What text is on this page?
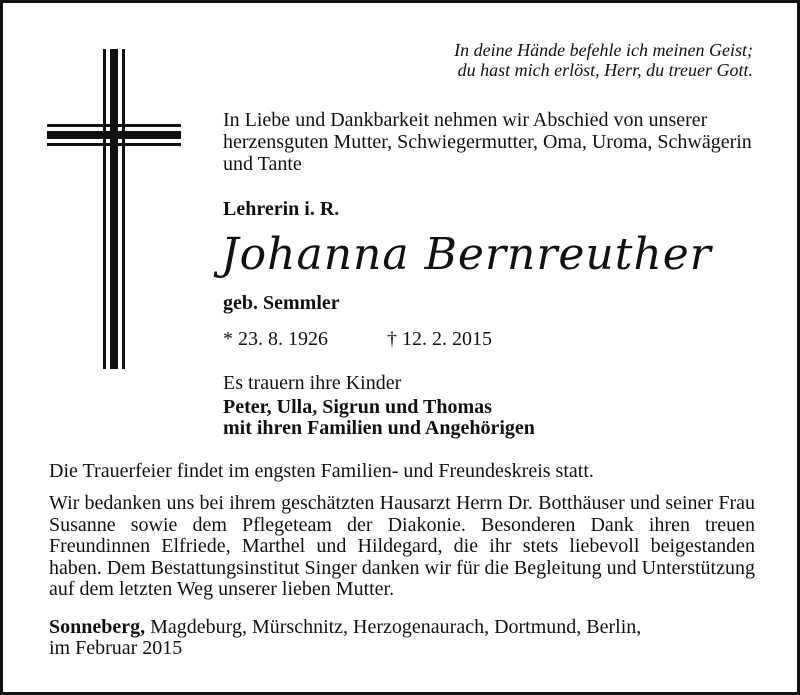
In deine Hände befehle ich meinen Geist;
du hast mich erlöst, Herr, du treuer Gott.
In Liebe und Dankbarkeit nehmen wir Abschied von unserer
herzensguten Mutter, Schwiegermutter, Oma, Uroma, Schwägerin
und Tante
Lehrerin i. R.
Johanna Bernreuther
geb. Semmler
* 23. 8. 1926	† 12. 2. 2015
Es trauern ihre Kinder
Peter, Ulla, Sigrun und Thomas
mit ihren Familien und Angehörigen
Die Trauerfeier findet im engsten Familien- und Freundeskreis statt.
Wir bedanken uns bei ihrem geschätzten Hausarzt Herrn Dr. Botthäuser und seiner Frau Susanne sowie dem Pflegeteam der Diakonie. Besonderen Dank ihren treuen Freundinnen Elfriede, Marthel und Hildegard, die ihr stets liebevoll beigestanden haben. Dem Bestattungsinstitut Singer danken wir für die Begleitung und Unterstützung auf dem letzten Weg unserer lieben Mutter.
Sonneberg, Magdeburg, Mürschnitz, Herzogenaurach, Dortmund, Berlin,
im Februar 2015
